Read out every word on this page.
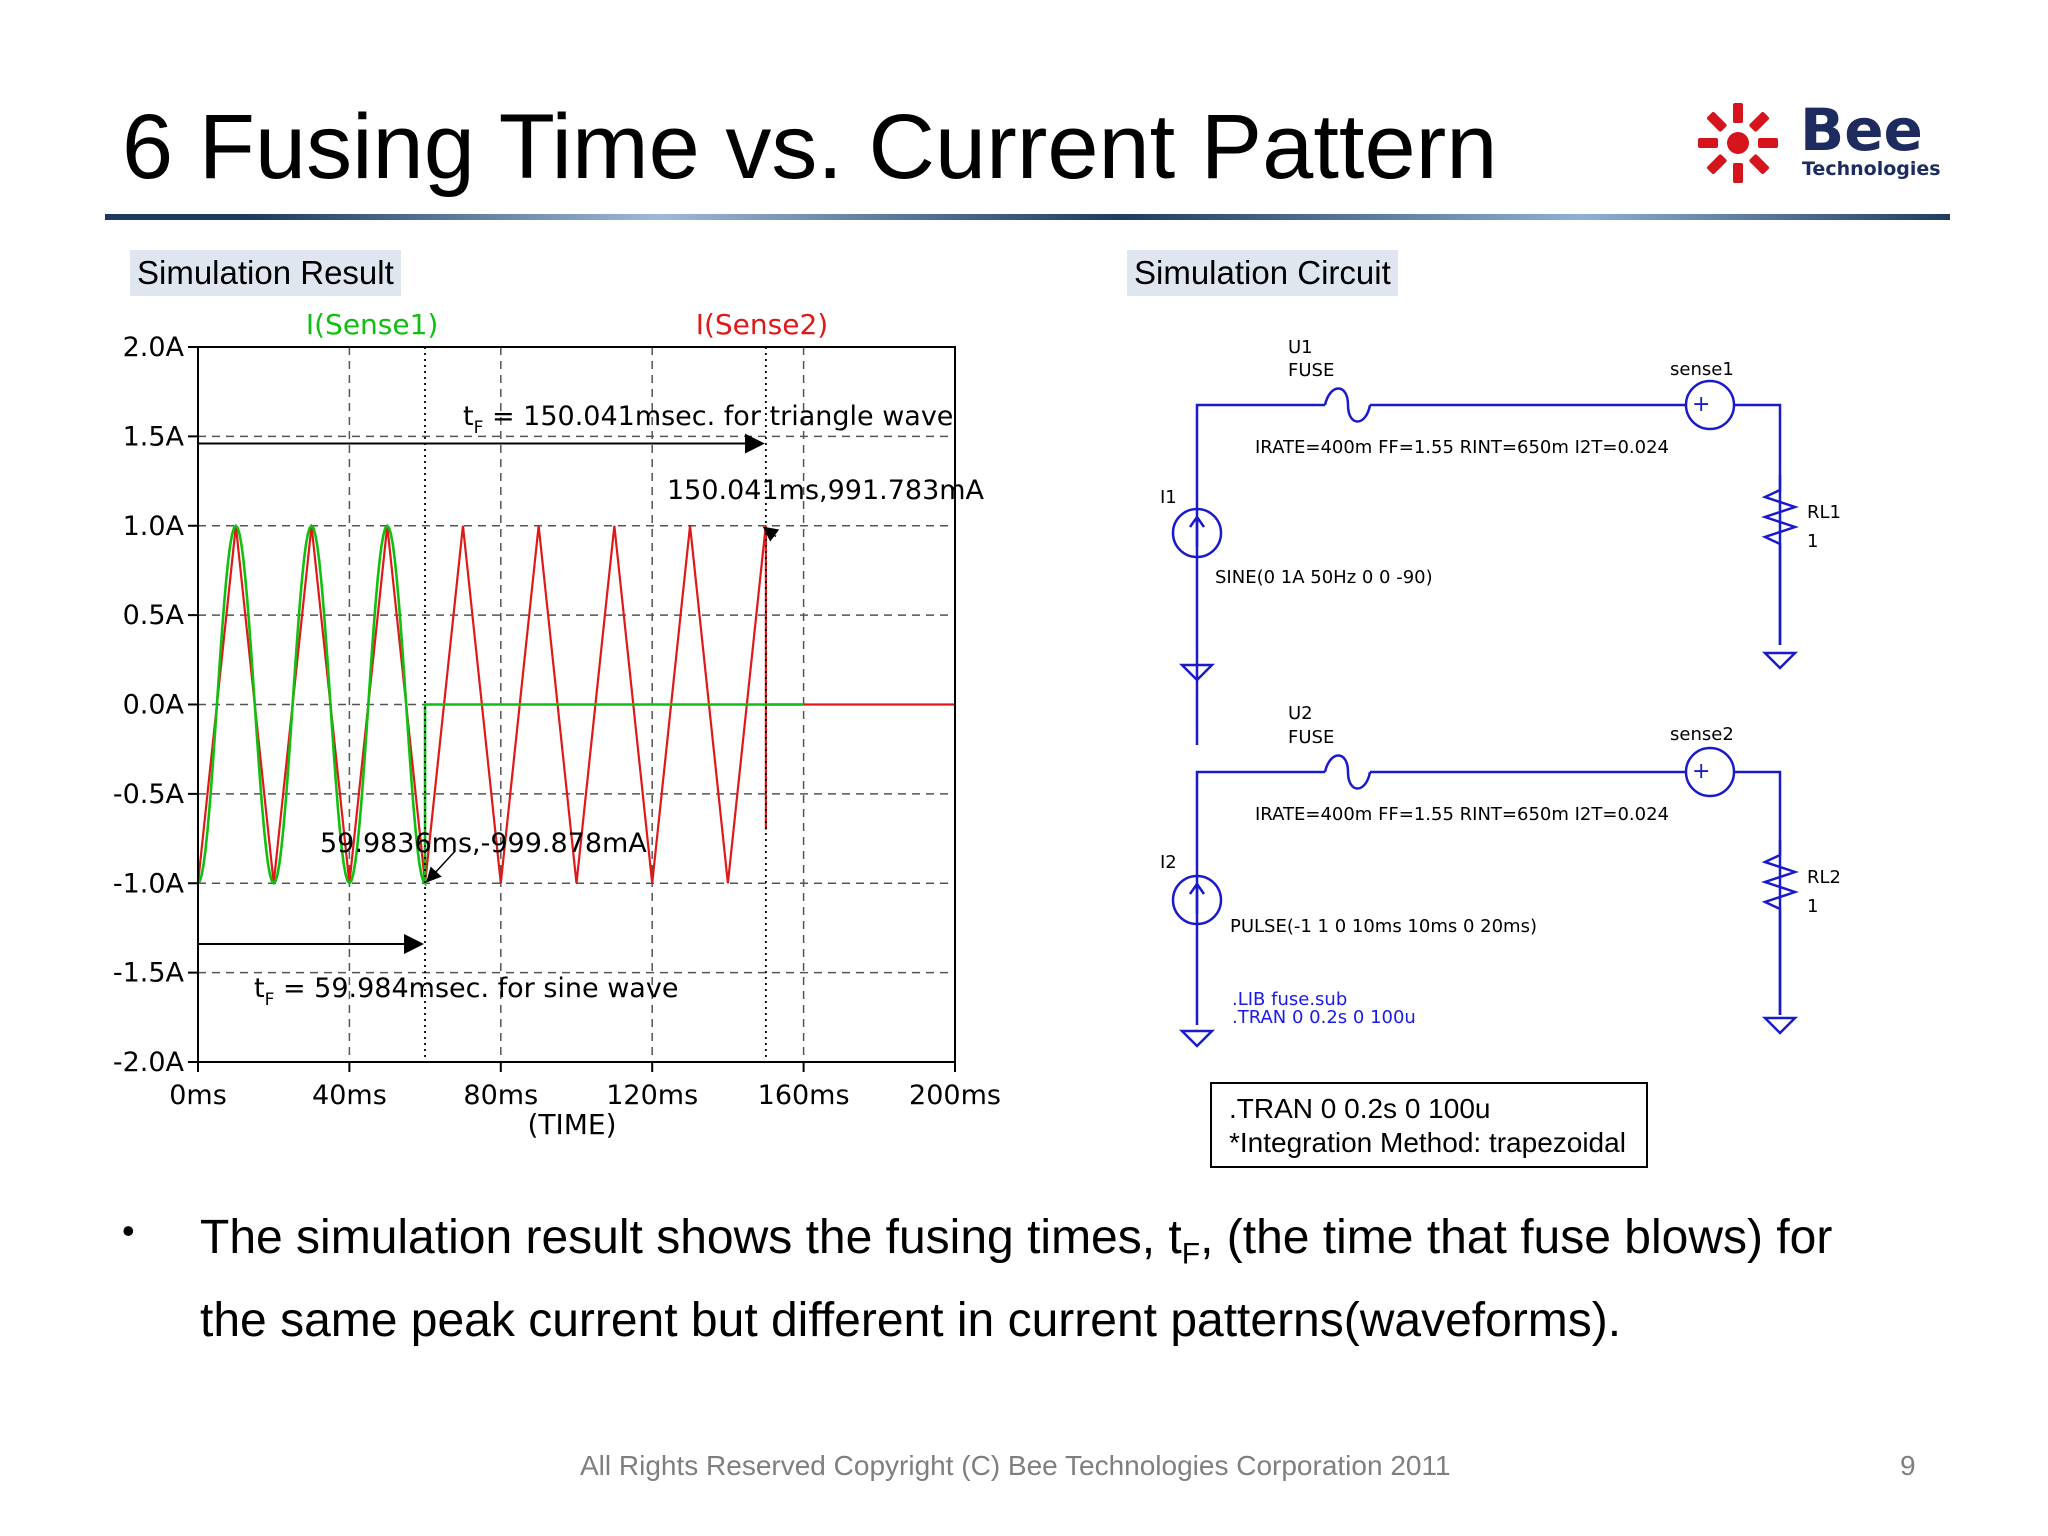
6 Fusing Time vs. Current Pattern	Bee
Technologies
Simulation Result	Simulation Circuit
2.0A
1.5A
1.0A
0.5A
0.0A
-0.5A
-1.0A
-1.5A
-2.0A
0ms	40ms	80ms	120ms 160ms 200ms
I(Sense1)	I(Sense2)
$t_F = 150.041msec$. for triangle wave
$t_F = 59.984msec$. for sine wave
150.041ms,991.783mA
59.9836ms,-999.878mA
(TIME)
+
+
U1
FUSE	sense1
IRATE=400m FF=1.55 RINT=650m I2T=0.024
I1
SINE(0 1A 50Hz 0 0 -90)
RL1
1
U2
FUSE	sense2
IRATE=400m FF=1.55 RINT=650m I2T=0.024
I2
PULSE(-1 1 0 10ms 10ms 0 20ms)
RL2
1
.LIB fuse.sub
.TRAN 0 0.2s 0 100u
.TRAN 0 0.2s 0 100u
*Integration Method: trapezoidal
• The simulation result shows the fusing times, $t_F$, (the time that fuse blows) for the same peak current but different in current patterns(waveforms).
All Rights Reserved Copyright (C) Bee Technologies Corporation 2011	9
